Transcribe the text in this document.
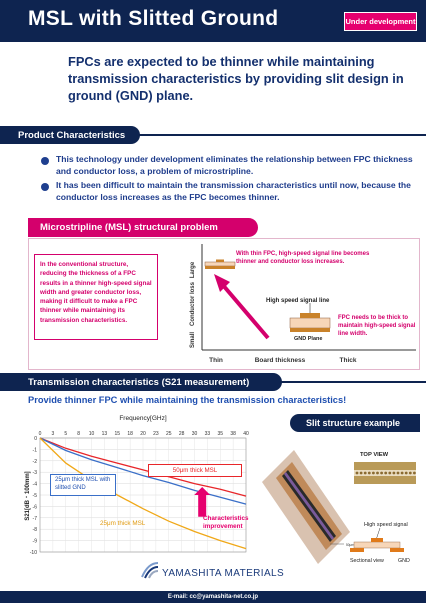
MSL with Slitted Ground	Under development
FPCs are expected to be thinner while maintaining transmission characteristics by providing slit design in ground (GND) plane.
Product Characteristics
This technology under development eliminates the relationship between FPC thickness and conductor loss, a problem of microstripline.
It has been difficult to maintain the transmission characteristics until now, because the conductor loss increases as the FPC becomes thinner.
Microstripline (MSL) structural problem
In the conventional structure, reducing the thickness of a FPC results in a thinner high-speed signal width and greater conductor loss, making it difficult to make a FPC thinner while maintaining its transmission characteristics.
Large
Conductor loss
Small
Thin	Board thickness	Thick
High speed signal line
GND Plane
With thin FPC, high-speed signal line becomes thinner and conductor loss increases.
FPC needs to be thick to maintain high-speed signal line width.
Transmission characteristics (S21 measurement)
Provide thinner FPC while maintaining the transmission characteristics!
Frequency[GHz]
S21[dB・100mm]
0
-1
-2
-3
-4
-5
-6
-7
-8
-9
-10
0 3 5 8 10 13 15 18 20 23 25 28 30 33 35 38 40
50μm thick MSL
25μm thick MSL with slitted GND
25μm thick MSL
Characteristics improvement
Slit structure example
50μm
TOP VIEW
High speed signal
Sectional view	GND
YAMASHITA MATERIALS
E-mail: cc@yamashita-net.co.jp
